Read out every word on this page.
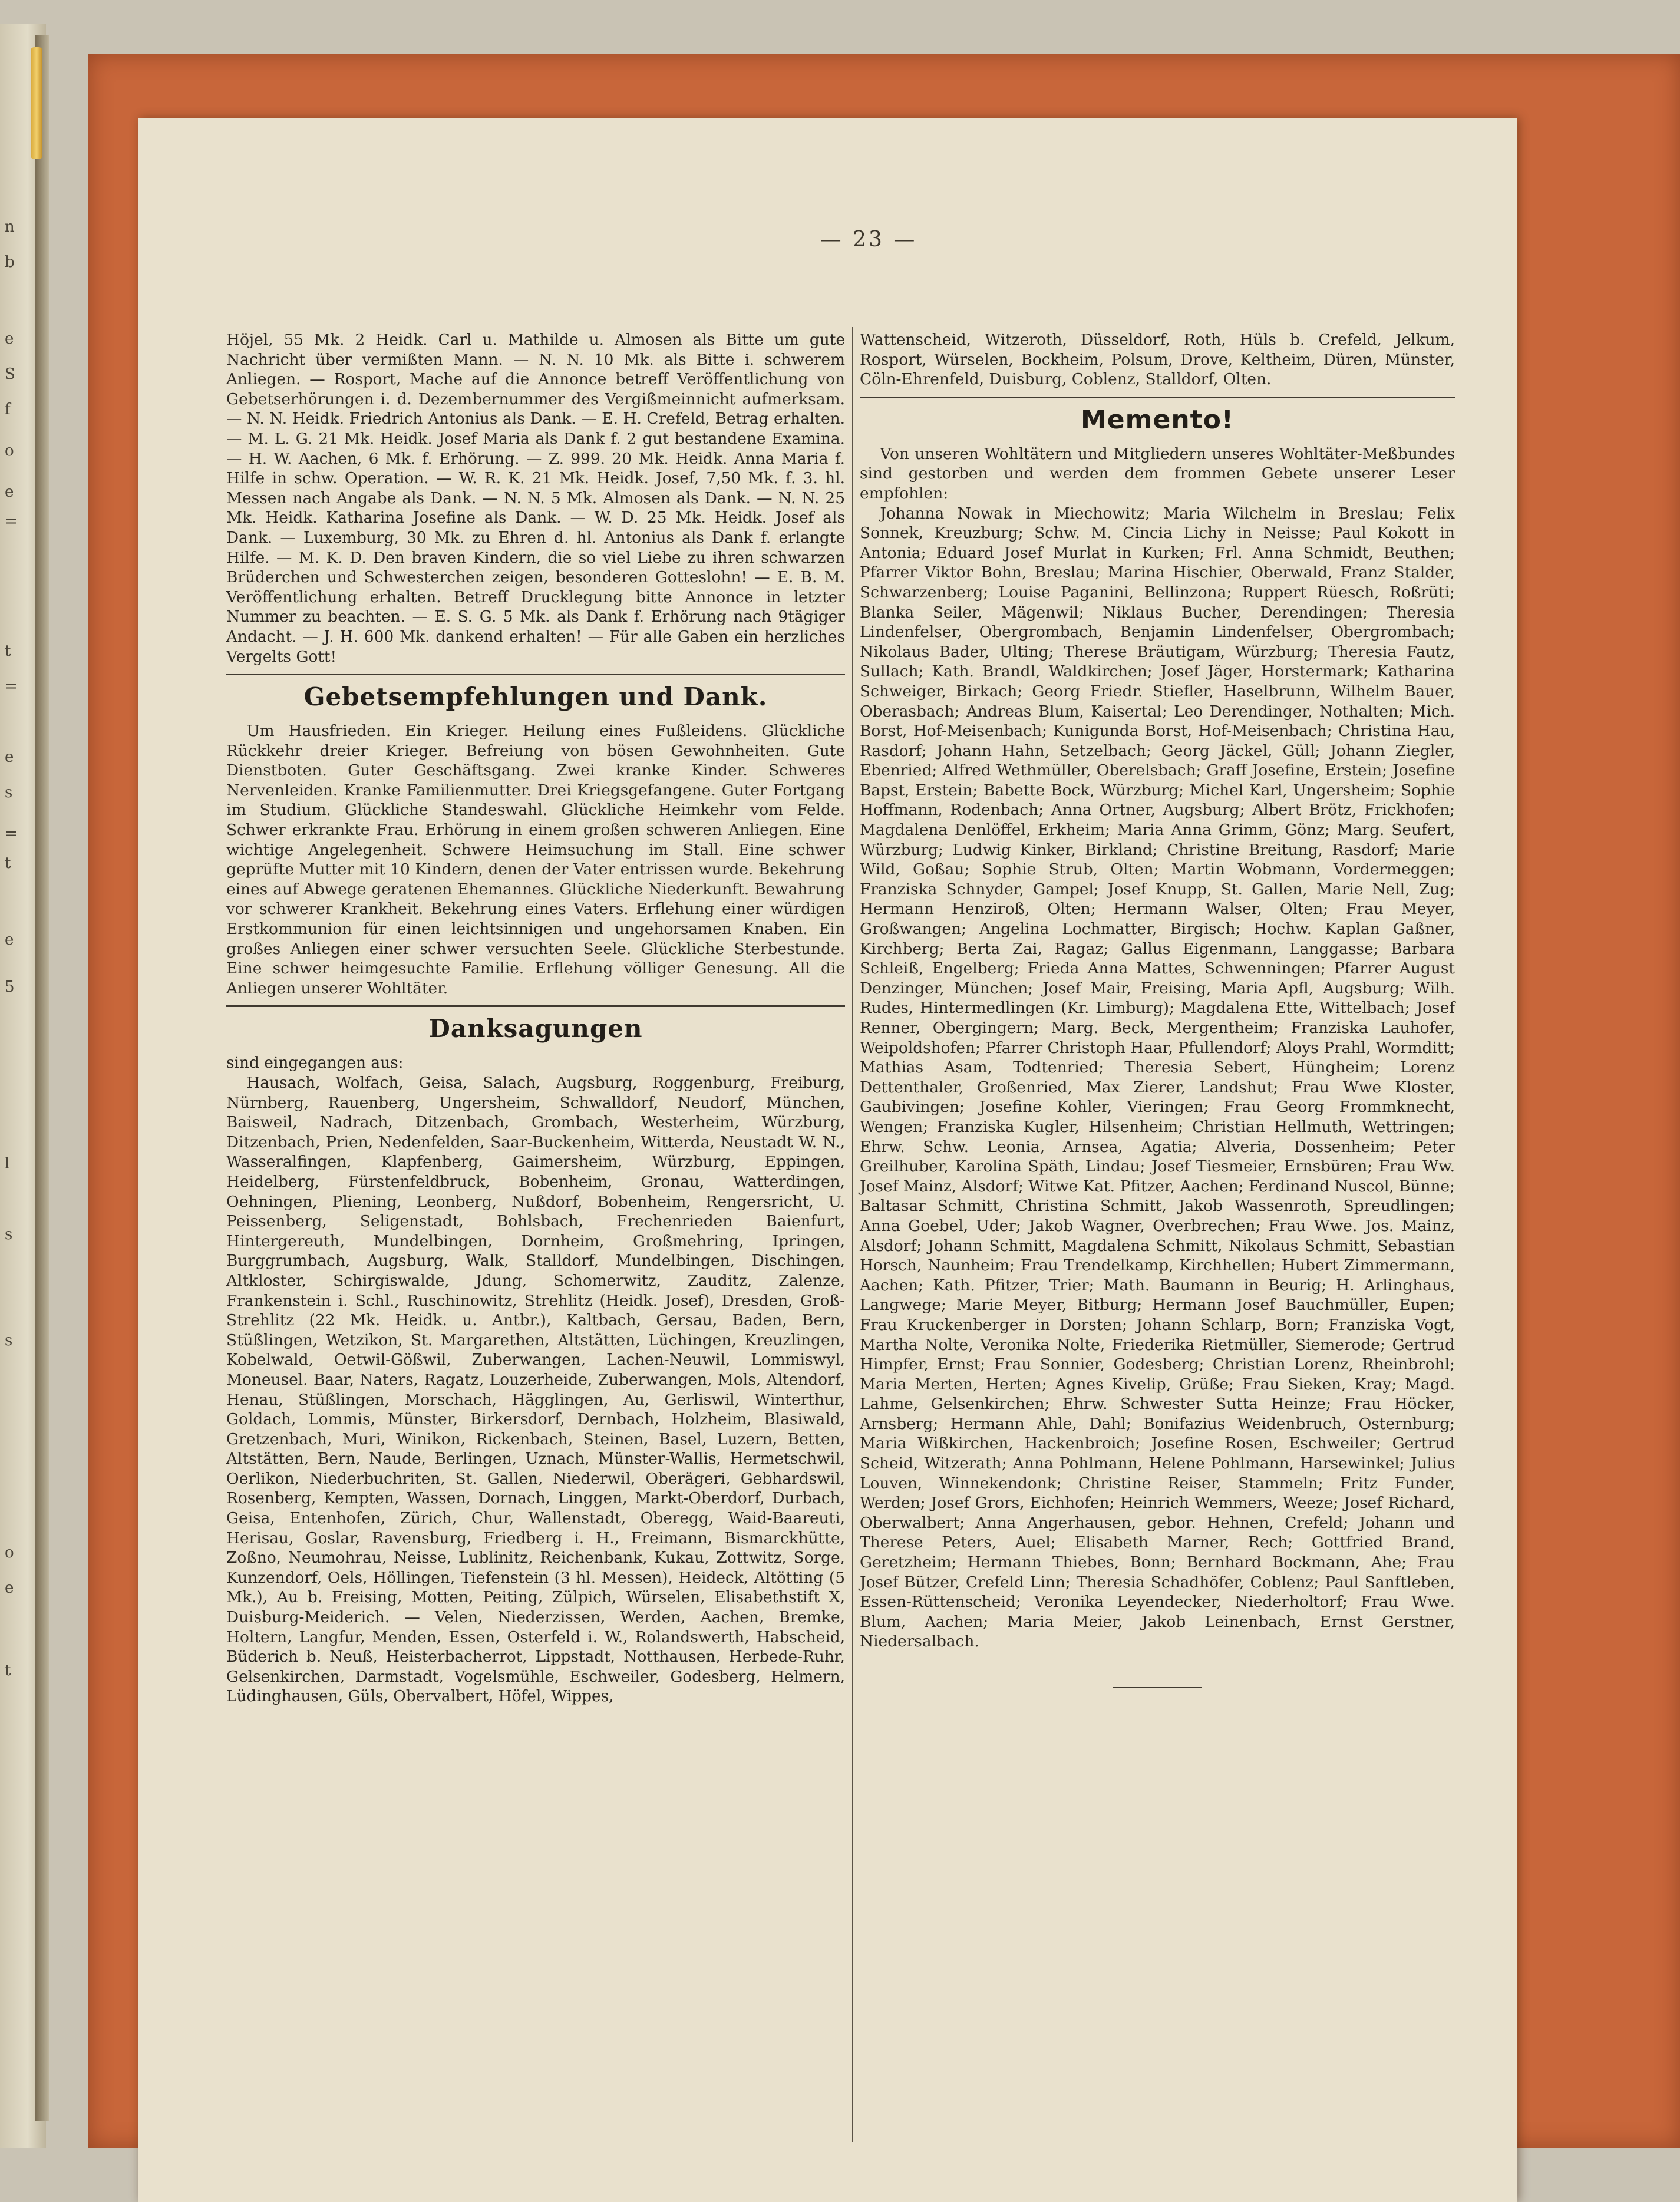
n
b
e
S
f
o
e
=
t
=
e
s
=
t
e
5
l
s
s
o
e
t
— 23 —

Höjel, 55 Mk. 2 Heidk. Carl u. Mathilde u. Almosen als Bitte um gute Nachricht über vermißten Mann. — N. N. 10 Mk. als Bitte i. schwerem Anliegen. — Rosport, Mache auf die Annonce betreff Veröffentlichung von Gebetserhörungen i. d. Dezembernummer des Vergißmeinnicht aufmerksam. — N. N. Heidk. Friedrich Antonius als Dank. — E. H. Crefeld, Betrag erhalten. — M. L. G. 21 Mk. Heidk. Josef Maria als Dank f. 2 gut bestandene Examina. — H. W. Aachen, 6 Mk. f. Erhörung. — Z. 999. 20 Mk. Heidk. Anna Maria f. Hilfe in schw. Operation. — W. R. K. 21 Mk. Heidk. Josef, 7,50 Mk. f. 3. hl. Messen nach Angabe als Dank. — N. N. 5 Mk. Almosen als Dank. — N. N. 25 Mk. Heidk. Katharina Josefine als Dank. — W. D. 25 Mk. Heidk. Josef als Dank. — Luxemburg, 30 Mk. zu Ehren d. hl. Antonius als Dank f. erlangte Hilfe. — M. K. D. Den braven Kindern, die so viel Liebe zu ihren schwarzen Brüderchen und Schwesterchen zeigen, besonderen Gotteslohn! — E. B. M. Veröffentlichung erhalten. Betreff Drucklegung bitte Annonce in letzter Nummer zu beachten. — E. S. G. 5 Mk. als Dank f. Erhörung nach 9tägiger Andacht. — J. H. 600 Mk. dankend erhalten! — Für alle Gaben ein herzliches Vergelts Gott!

Gebetsempfehlungen und Dank.

Um Hausfrieden. Ein Krieger. Heilung eines Fußleidens. Glückliche Rückkehr dreier Krieger. Befreiung von bösen Gewohnheiten. Gute Dienstboten. Guter Geschäftsgang. Zwei kranke Kinder. Schweres Nervenleiden. Kranke Familienmutter. Drei Kriegsgefangene. Guter Fortgang im Studium. Glückliche Standeswahl. Glückliche Heimkehr vom Felde. Schwer erkrankte Frau. Erhörung in einem großen schweren Anliegen. Eine wichtige Angelegenheit. Schwere Heimsuchung im Stall. Eine schwer geprüfte Mutter mit 10 Kindern, denen der Vater entrissen wurde. Bekehrung eines auf Abwege geratenen Ehemannes. Glückliche Niederkunft. Bewahrung vor schwerer Krankheit. Bekehrung eines Vaters. Erflehung einer würdigen Erstkommunion für einen leichtsinnigen und ungehorsamen Knaben. Ein großes Anliegen einer schwer versuchten Seele. Glückliche Sterbestunde. Eine schwer heimgesuchte Familie. Erflehung völliger Genesung. All die Anliegen unserer Wohltäter.

Danksagungen

sind eingegangen aus:

Hausach, Wolfach, Geisa, Salach, Augsburg, Roggenburg, Freiburg, Nürnberg, Rauenberg, Ungersheim, Schwalldorf, Neudorf, München, Baisweil, Nadrach, Ditzenbach, Grombach, Westerheim, Würzburg, Ditzenbach, Prien, Nedenfelden, Saar-Buckenheim, Witterda, Neustadt W. N., Wasseralfingen, Klapfenberg, Gaimersheim, Würzburg, Eppingen, Heidelberg, Fürstenfeldbruck, Bobenheim, Gronau, Watterdingen, Oehningen, Pliening, Leonberg, Nußdorf, Bobenheim, Rengersricht, U. Peissenberg, Seligenstadt, Bohlsbach, Frechenrieden Baienfurt, Hintergereuth, Mundelbingen, Dornheim, Großmehring, Ipringen, Burggrumbach, Augsburg, Walk, Stalldorf, Mundelbingen, Dischingen, Altkloster, Schirgiswalde, Jdung, Schomerwitz, Zauditz, Zalenze, Frankenstein i. Schl., Ruschinowitz, Strehlitz (Heidk. Josef), Dresden, Groß-Strehlitz (22 Mk. Heidk. u. Antbr.), Kaltbach, Gersau, Baden, Bern, Stüßlingen, Wetzikon, St. Margarethen, Altstätten, Lüchingen, Kreuzlingen, Kobelwald, Oetwil-Gößwil, Zuberwangen, Lachen-Neuwil, Lommiswyl, Moneusel. Baar, Naters, Ragatz, Louzerheide, Zuberwangen, Mols, Altendorf, Henau, Stüßlingen, Morschach, Hägglingen, Au, Gerliswil, Winterthur, Goldach, Lommis, Münster, Birkersdorf, Dernbach, Holzheim, Blasiwald, Gretzenbach, Muri, Winikon, Rickenbach, Steinen, Basel, Luzern, Betten, Altstätten, Bern, Naude, Berlingen, Uznach, Münster-Wallis, Hermetschwil, Oerlikon, Niederbuchriten, St. Gallen, Niederwil, Oberägeri, Gebhardswil, Rosenberg, Kempten, Wassen, Dornach, Linggen, Markt-Oberdorf, Durbach, Geisa, Entenhofen, Zürich, Chur, Wallenstadt, Oberegg, Waid-Baareuti, Herisau, Goslar, Ravensburg, Friedberg i. H., Freimann, Bismarckhütte, Zoßno, Neumohrau, Neisse, Lublinitz, Reichenbank, Kukau, Zottwitz, Sorge, Kunzendorf, Oels, Höllingen, Tiefenstein (3 hl. Messen), Heideck, Altötting (5 Mk.), Au b. Freising, Motten, Peiting, Zülpich, Würselen, Elisabethstift X, Duisburg-Meiderich. — Velen, Niederzissen, Werden, Aachen, Bremke, Holtern, Langfur, Menden, Essen, Osterfeld i. W., Rolandswerth, Habscheid, Büderich b. Neuß, Heisterbacherrot, Lippstadt, Notthausen, Herbede-Ruhr, Gelsenkirchen, Darmstadt, Vogelsmühle, Eschweiler, Godesberg, Helmern, Lüdinghausen, Güls, Obervalbert, Höfel, Wippes,

Wattenscheid, Witzeroth, Düsseldorf, Roth, Hüls b. Crefeld, Jelkum, Rosport, Würselen, Bockheim, Polsum, Drove, Keltheim, Düren, Münster, Cöln-Ehrenfeld, Duisburg, Coblenz, Stalldorf, Olten.

Memento!

Von unseren Wohltätern und Mitgliedern unseres Wohltäter-Meßbundes sind gestorben und werden dem frommen Gebete unserer Leser empfohlen:

Johanna Nowak in Miechowitz; Maria Wilchelm in Breslau; Felix Sonnek, Kreuzburg; Schw. M. Cincia Lichy in Neisse; Paul Kokott in Antonia; Eduard Josef Murlat in Kurken; Frl. Anna Schmidt, Beuthen; Pfarrer Viktor Bohn, Breslau; Marina Hischier, Oberwald, Franz Stalder, Schwarzenberg; Louise Paganini, Bellinzona; Ruppert Rüesch, Roßrüti; Blanka Seiler, Mägenwil; Niklaus Bucher, Derendingen; Theresia Lindenfelser, Obergrombach, Benjamin Lindenfelser, Obergrombach; Nikolaus Bader, Ulting; Therese Bräutigam, Würzburg; Theresia Fautz, Sullach; Kath. Brandl, Waldkirchen; Josef Jäger, Horstermark; Katharina Schweiger, Birkach; Georg Friedr. Stiefler, Haselbrunn, Wilhelm Bauer, Oberasbach; Andreas Blum, Kaisertal; Leo Derendinger, Nothalten; Mich. Borst, Hof-Meisenbach; Kunigunda Borst, Hof-Meisenbach; Christina Hau, Rasdorf; Johann Hahn, Setzelbach; Georg Jäckel, Güll; Johann Ziegler, Ebenried; Alfred Wethmüller, Oberelsbach; Graff Josefine, Erstein; Josefine Bapst, Erstein; Babette Bock, Würzburg; Michel Karl, Ungersheim; Sophie Hoffmann, Rodenbach; Anna Ortner, Augsburg; Albert Brötz, Frickhofen; Magdalena Denlöffel, Erkheim; Maria Anna Grimm, Gönz; Marg. Seufert, Würzburg; Ludwig Kinker, Birkland; Christine Breitung, Rasdorf; Marie Wild, Goßau; Sophie Strub, Olten; Martin Wobmann, Vordermeggen; Franziska Schnyder, Gampel; Josef Knupp, St. Gallen, Marie Nell, Zug; Hermann Henziroß, Olten; Hermann Walser, Olten; Frau Meyer, Großwangen; Angelina Lochmatter, Birgisch; Hochw. Kaplan Gaßner, Kirchberg; Berta Zai, Ragaz; Gallus Eigenmann, Langgasse; Barbara Schleiß, Engelberg; Frieda Anna Mattes, Schwenningen; Pfarrer August Denzinger, München; Josef Mair, Freising, Maria Apfl, Augsburg; Wilh. Rudes, Hintermedlingen (Kr. Limburg); Magdalena Ette, Wittelbach; Josef Renner, Obergingern; Marg. Beck, Mergentheim; Franziska Lauhofer, Weipoldshofen; Pfarrer Christoph Haar, Pfullendorf; Aloys Prahl, Wormditt; Mathias Asam, Todtenried; Theresia Sebert, Hüngheim; Lorenz Dettenthaler, Großenried, Max Zierer, Landshut; Frau Wwe Kloster, Gaubivingen; Josefine Kohler, Vieringen; Frau Georg Frommknecht, Wengen; Franziska Kugler, Hilsenheim; Christian Hellmuth, Wettringen; Ehrw. Schw. Leonia, Arnsea, Agatia; Alveria, Dossenheim; Peter Greilhuber, Karolina Späth, Lindau; Josef Tiesmeier, Ernsbüren; Frau Ww. Josef Mainz, Alsdorf; Witwe Kat. Pfitzer, Aachen; Ferdinand Nuscol, Bünne; Baltasar Schmitt, Christina Schmitt, Jakob Wassenroth, Spreudlingen; Anna Goebel, Uder; Jakob Wagner, Overbrechen; Frau Wwe. Jos. Mainz, Alsdorf; Johann Schmitt, Magdalena Schmitt, Nikolaus Schmitt, Sebastian Horsch, Naunheim; Frau Trendelkamp, Kirchhellen; Hubert Zimmermann, Aachen; Kath. Pfitzer, Trier; Math. Baumann in Beurig; H. Arlinghaus, Langwege; Marie Meyer, Bitburg; Hermann Josef Bauchmüller, Eupen; Frau Kruckenberger in Dorsten; Johann Schlarp, Born; Franziska Vogt, Martha Nolte, Veronika Nolte, Friederika Rietmüller, Siemerode; Gertrud Himpfer, Ernst; Frau Sonnier, Godesberg; Christian Lorenz, Rheinbrohl; Maria Merten, Herten; Agnes Kivelip, Grüße; Frau Sieken, Kray; Magd. Lahme, Gelsenkirchen; Ehrw. Schwester Sutta Heinze; Frau Höcker, Arnsberg; Hermann Ahle, Dahl; Bonifazius Weidenbruch, Osternburg; Maria Wißkirchen, Hackenbroich; Josefine Rosen, Eschweiler; Gertrud Scheid, Witzerath; Anna Pohlmann, Helene Pohlmann, Harsewinkel; Julius Louven, Winnekendonk; Christine Reiser, Stammeln; Fritz Funder, Werden; Josef Grors, Eichhofen; Heinrich Wemmers, Weeze; Josef Richard, Oberwalbert; Anna Angerhausen, gebor. Hehnen, Crefeld; Johann und Therese Peters, Auel; Elisabeth Marner, Rech; Gottfried Brand, Geretzheim; Hermann Thiebes, Bonn; Bernhard Bockmann, Ahe; Frau Josef Bützer, Crefeld Linn; Theresia Schadhöfer, Coblenz; Paul Sanftleben, Essen-Rüttenscheid; Veronika Leyendecker, Niederholtorf; Frau Wwe. Blum, Aachen; Maria Meier, Jakob Leinenbach, Ernst Gerstner, Niedersalbach.
